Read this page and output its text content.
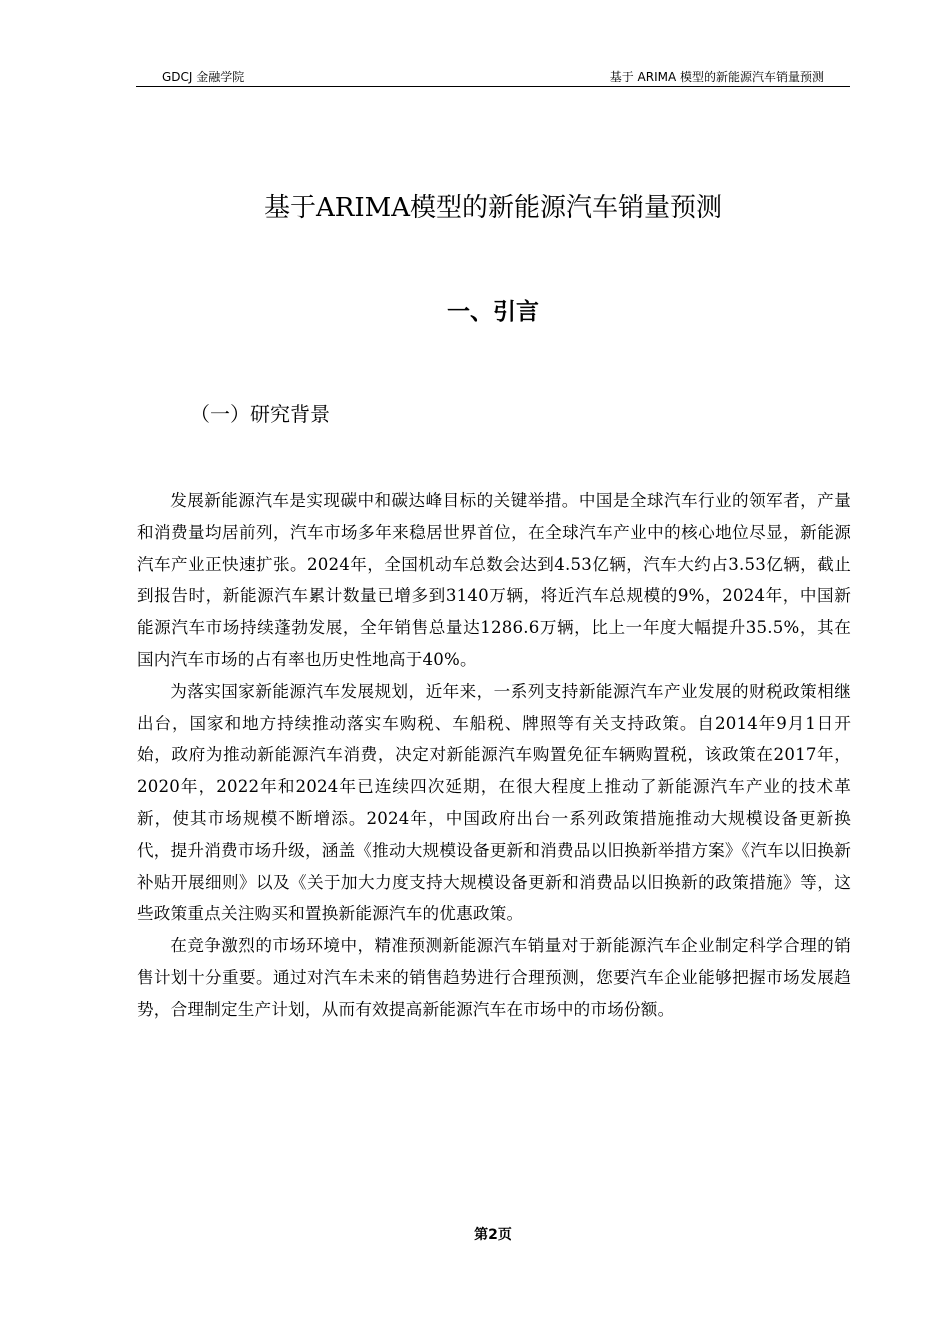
GDCJ 金融学院	基于 ARIMA 模型的新能源汽车销量预测
基于ARIMA模型的新能源汽车销量预测
一、引言
（一）研究背景

发展新能源汽车是实现碳中和碳达峰目标的关键举措。中国是全球汽车行业的领军者，产量和消费量均居前列，汽车市场多年来稳居世界首位，在全球汽车产业中的核心地位尽显，新能源汽车产业正快速扩张。2024年，全国机动车总数会达到4.53亿辆，汽车大约占3.53亿辆，截止到报告时，新能源汽车累计数量已增多到3140万辆，将近汽车总规模的9%，2024年，中国新能源汽车市场持续蓬勃发展，全年销售总量达1286.6万辆，比上一年度大幅提升35.5%，其在国内汽车市场的占有率也历史性地高于40%。

为落实国家新能源汽车发展规划，近年来，一系列支持新能源汽车产业发展的财税政策相继出台，国家和地方持续推动落实车购税、车船税、牌照等有关支持政策。自2014年9月1日开始，政府为推动新能源汽车消费，决定对新能源汽车购置免征车辆购置税，该政策在2017年，2020年，2022年和2024年已连续四次延期，在很大程度上推动了新能源汽车产业的技术革新，使其市场规模不断增添。2024年，中国政府出台一系列政策措施推动大规模设备更新换代，提升消费市场升级，涵盖《推动大规模设备更新和消费品以旧换新举措方案》《汽车以旧换新补贴开展细则》以及《关于加大力度支持大规模设备更新和消费品以旧换新的政策措施》等，这些政策重点关注购买和置换新能源汽车的优惠政策。

在竞争激烈的市场环境中，精准预测新能源汽车销量对于新能源汽车企业制定科学合理的销售计划十分重要。通过对汽车未来的销售趋势进行合理预测，您要汽车企业能够把握市场发展趋势，合理制定生产计划，从而有效提高新能源汽车在市场中的市场份额。

第2页
